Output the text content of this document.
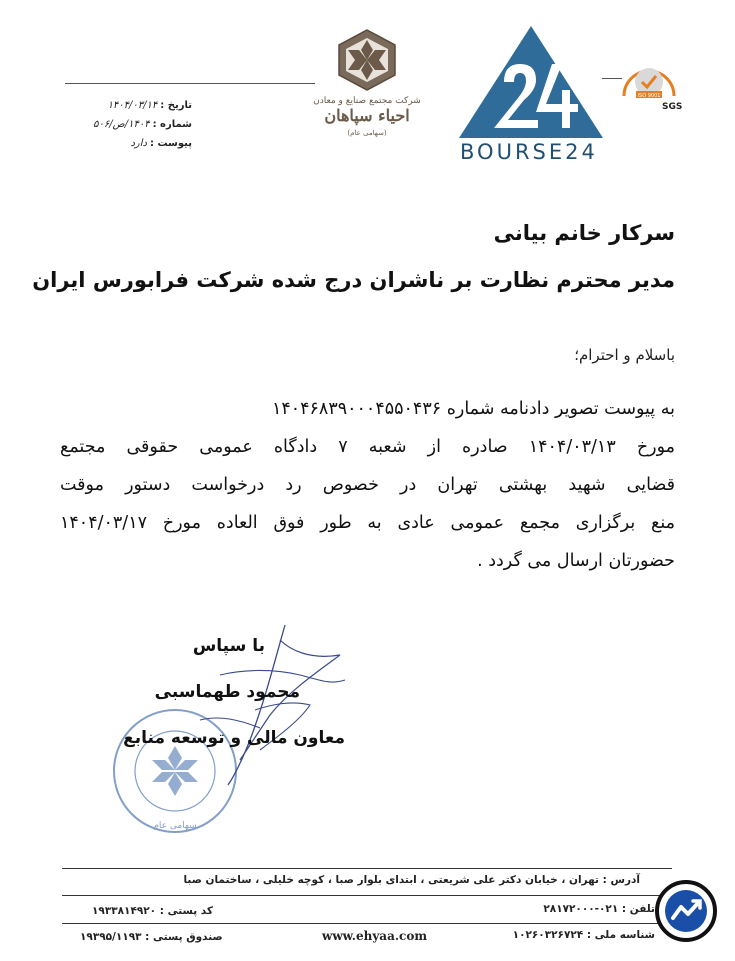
تاریخ :
۱۴۰۴/۰۳/۱۴
شماره :
۱۴۰۴/ص/۵۰۶
پیوست :
دارد
شرکت مجتمع صنایع و معادن
احیاء سپاهان
(سهامی عام)
BOURSE24
ISO 9001
SGS
سرکار خانم بیانی
مدیر محترم نظارت بر ناشران درج شده شرکت فرابورس ایران
باسلام و احترام؛
به پیوست تصویر دادنامه شماره ۱۴۰۴۶۸۳۹۰۰۰۴۵۵۰۴۳۶
مورخ ۱۴۰۴/۰۳/۱۳ صادره از شعبه ۷ دادگاه عمومی حقوقی مجتمع
قضایی شهید بهشتی تهران در خصوص رد درخواست دستور موقت
منع برگزاری مجمع عمومی عادی به طور فوق العاده مورخ ۱۴۰۴/۰۳/۱۷
حضورتان ارسال می گردد .
سهامی عام
با سپاس
محمود طهماسبی
معاون مالی و توسعه منابع
آدرس : تهران ، خیابان دکتر علی شریعتی ، ابتدای بلوار صبا ، کوچه خلیلی ، ساختمان صبا
تلفن : ۰۲۱-۲۸۱۷۲۰۰۰
کد پستی : ۱۹۳۳۸۱۴۹۲۰
شناسه ملی : ۱۰۲۶۰۳۲۶۷۲۴
www.ehyaa.com
صندوق پستی : ۱۹۳۹۵/۱۱۹۳
